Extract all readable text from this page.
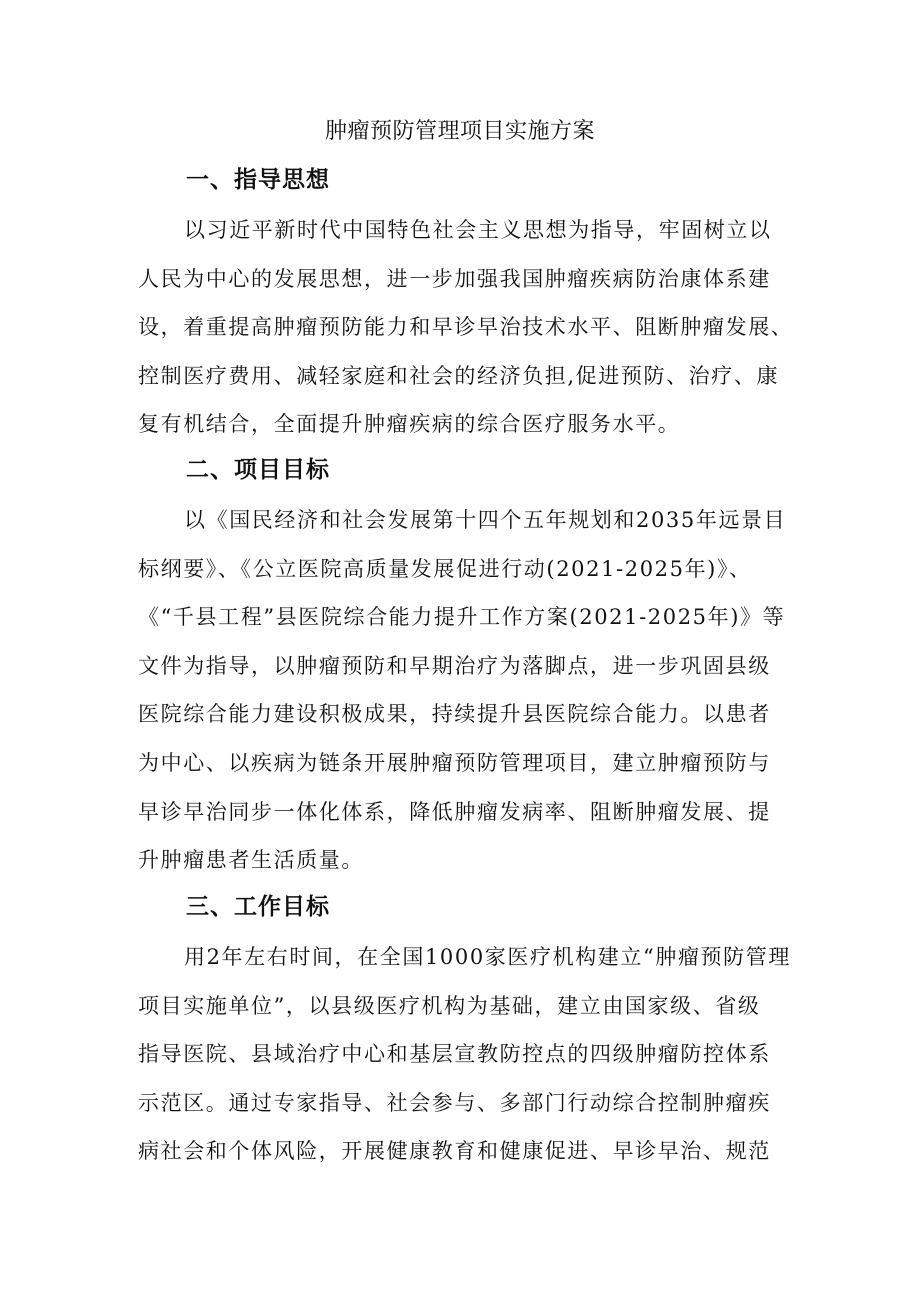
肿瘤预防管理项目实施方案
一、指导思想

以习近平新时代中国特色社会主义思想为指导，牢固树立以
人民为中心的发展思想，进一步加强我国肿瘤疾病防治康体系建
设，着重提高肿瘤预防能力和早诊早治技术水平、阻断肿瘤发展、
控制医疗费用、减轻家庭和社会的经济负担,促进预防、治疗、康
复有机结合，全面提升肿瘤疾病的综合医疗服务水平。

二、项目目标

以《国民经济和社会发展第十四个五年规划和2035年远景目
标纲要》、《公立医院高质量发展促进行动(2021-2025年)》、
《“千县工程”县医院综合能力提升工作方案(2021-2025年)》等
文件为指导，以肿瘤预防和早期治疗为落脚点，进一步巩固县级
医院综合能力建设积极成果，持续提升县医院综合能力。以患者
为中心、以疾病为链条开展肿瘤预防管理项目，建立肿瘤预防与
早诊早治同步一体化体系，降低肿瘤发病率、阻断肿瘤发展、提
升肿瘤患者生活质量。

三、工作目标

用2年左右时间，在全国1000家医疗机构建立“肿瘤预防管理
项目实施单位”，以县级医疗机构为基础，建立由国家级、省级
指导医院、县域治疗中心和基层宣教防控点的四级肿瘤防控体系
示范区。通过专家指导、社会参与、多部门行动综合控制肿瘤疾
病社会和个体风险，开展健康教育和健康促进、早诊早治、规范
